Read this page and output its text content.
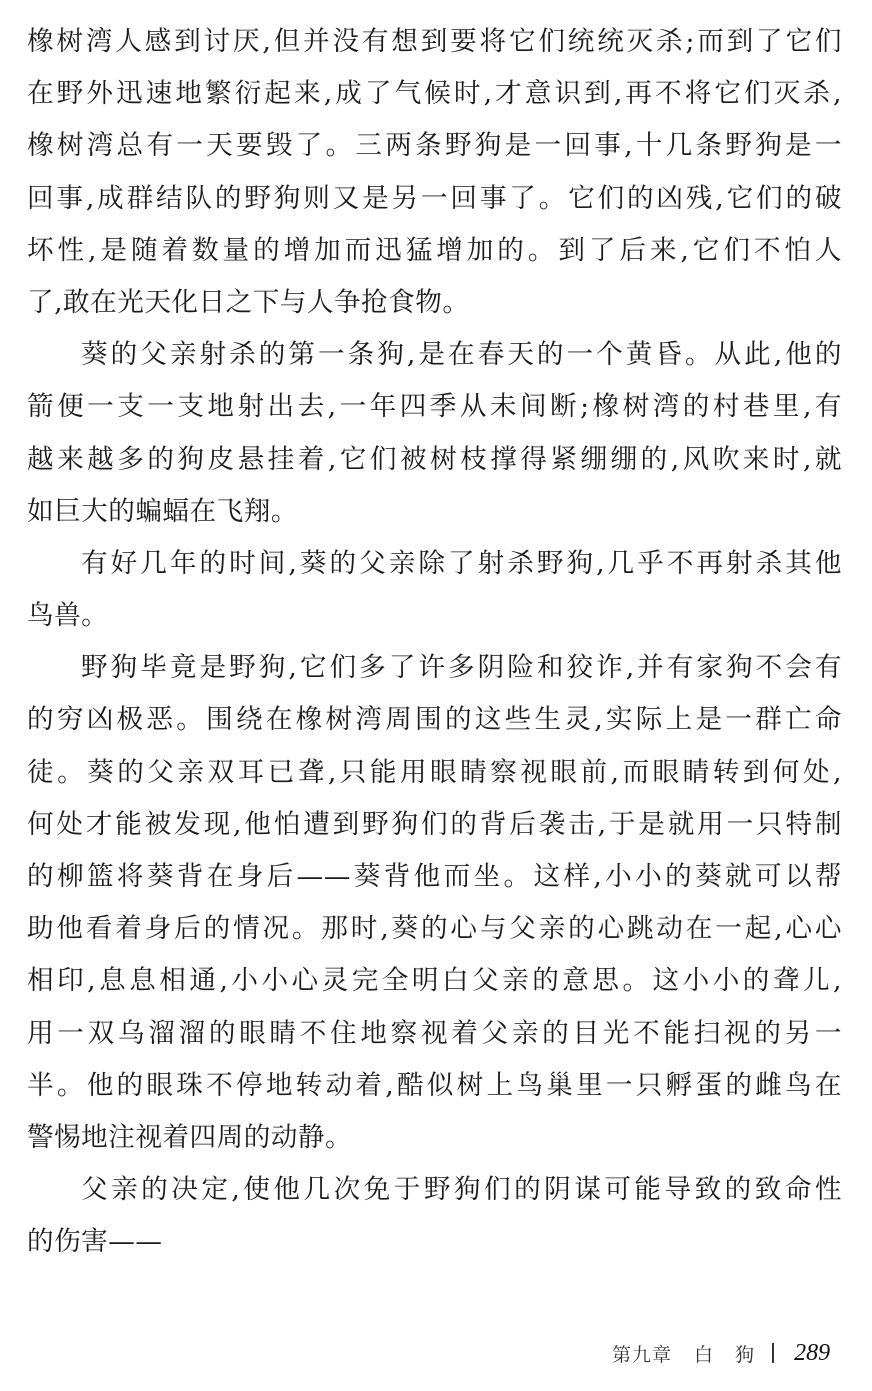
橡树湾人感到讨厌,但并没有想到要将它们统统灭杀;而到了它们
在野外迅速地繁衍起来,成了气候时,才意识到,再不将它们灭杀,
橡树湾总有一天要毁了。三两条野狗是一回事,十几条野狗是一
回事,成群结队的野狗则又是另一回事了。它们的凶残,它们的破
坏性,是随着数量的增加而迅猛增加的。到了后来,它们不怕人
了,敢在光天化日之下与人争抢食物。
葵的父亲射杀的第一条狗,是在春天的一个黄昏。从此,他的
箭便一支一支地射出去,一年四季从未间断;橡树湾的村巷里,有
越来越多的狗皮悬挂着,它们被树枝撑得紧绷绷的,风吹来时,就
如巨大的蝙蝠在飞翔。
有好几年的时间,葵的父亲除了射杀野狗,几乎不再射杀其他
鸟兽。
野狗毕竟是野狗,它们多了许多阴险和狡诈,并有家狗不会有
的穷凶极恶。围绕在橡树湾周围的这些生灵,实际上是一群亡命
徒。葵的父亲双耳已聋,只能用眼睛察视眼前,而眼睛转到何处,
何处才能被发现,他怕遭到野狗们的背后袭击,于是就用一只特制
的柳篮将葵背在身后——葵背他而坐。这样,小小的葵就可以帮
助他看着身后的情况。那时,葵的心与父亲的心跳动在一起,心心
相印,息息相通,小小心灵完全明白父亲的意思。这小小的聋儿,
用一双乌溜溜的眼睛不住地察视着父亲的目光不能扫视的另一
半。他的眼珠不停地转动着,酷似树上鸟巢里一只孵蛋的雌鸟在
警惕地注视着四周的动静。
父亲的决定,使他几次免于野狗们的阴谋可能导致的致命性
的伤害——
第九章 白 狗 289
